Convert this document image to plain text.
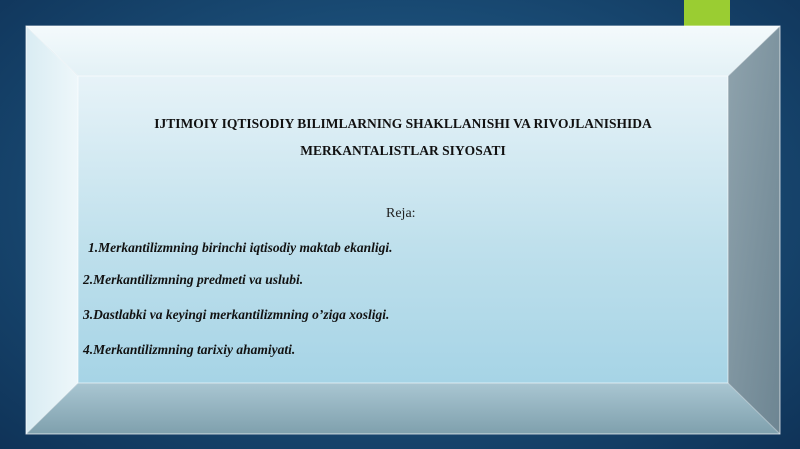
IJTIMOIY IQTISODIY BILIMLARNING SHAKLLANISHI VA RIVOJLANISHIDA
MERKANTALISTLAR SIYOSATI
Reja:
1.Merkantilizmning birinchi iqtisodiy maktab ekanligi.
2.Merkantilizmning predmeti va uslubi.
3.Dastlabki va keyingi merkantilizmning o’ziga xosligi.
4.Merkantilizmning tarixiy ahamiyati.
